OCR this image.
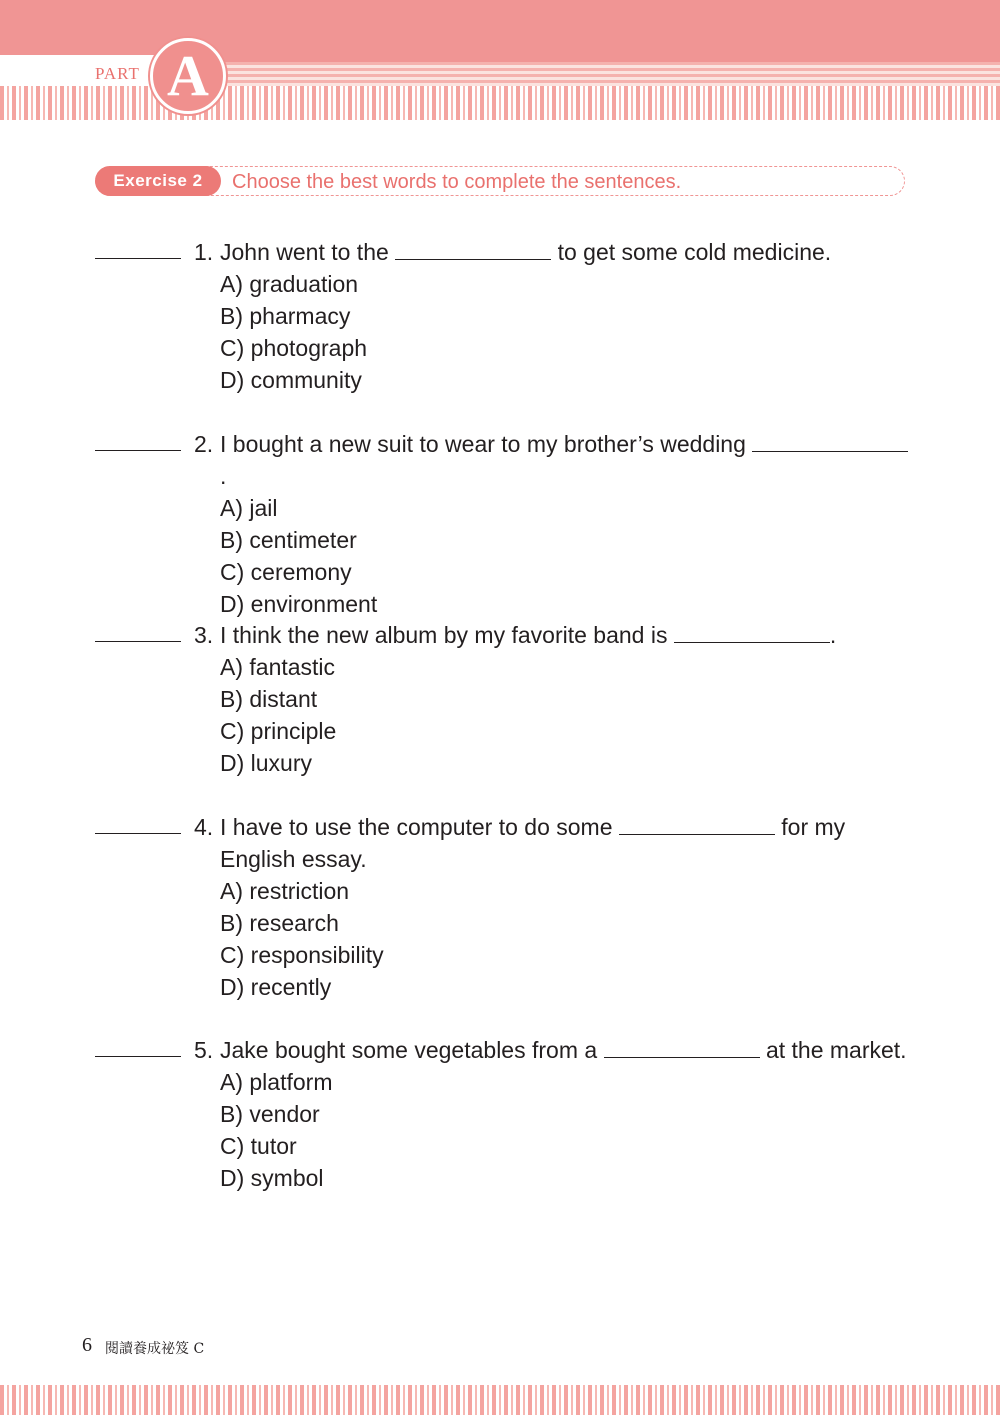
PART A
Exercise 2	Choose the best words to complete the sentences.
1. John went to the	to get some cold medicine.
A) graduation
B) pharmacy
C) photograph
D) community
2. I bought a new suit to wear to my brother’s wedding .
A) jail
B) centimeter
C) ceremony
D) environment
3. I think the new album by my favorite band is	.
A) fantastic
B) distant
C) principle
D) luxury
4. I have to use the computer to do some	for my English essay.
A) restriction
B) research
C) responsibility
D) recently
5. Jake bought some vegetables from a	at the market.
A) platform
B) vendor
C) tutor
D) symbol
6 閱讀養成祕笈 C
